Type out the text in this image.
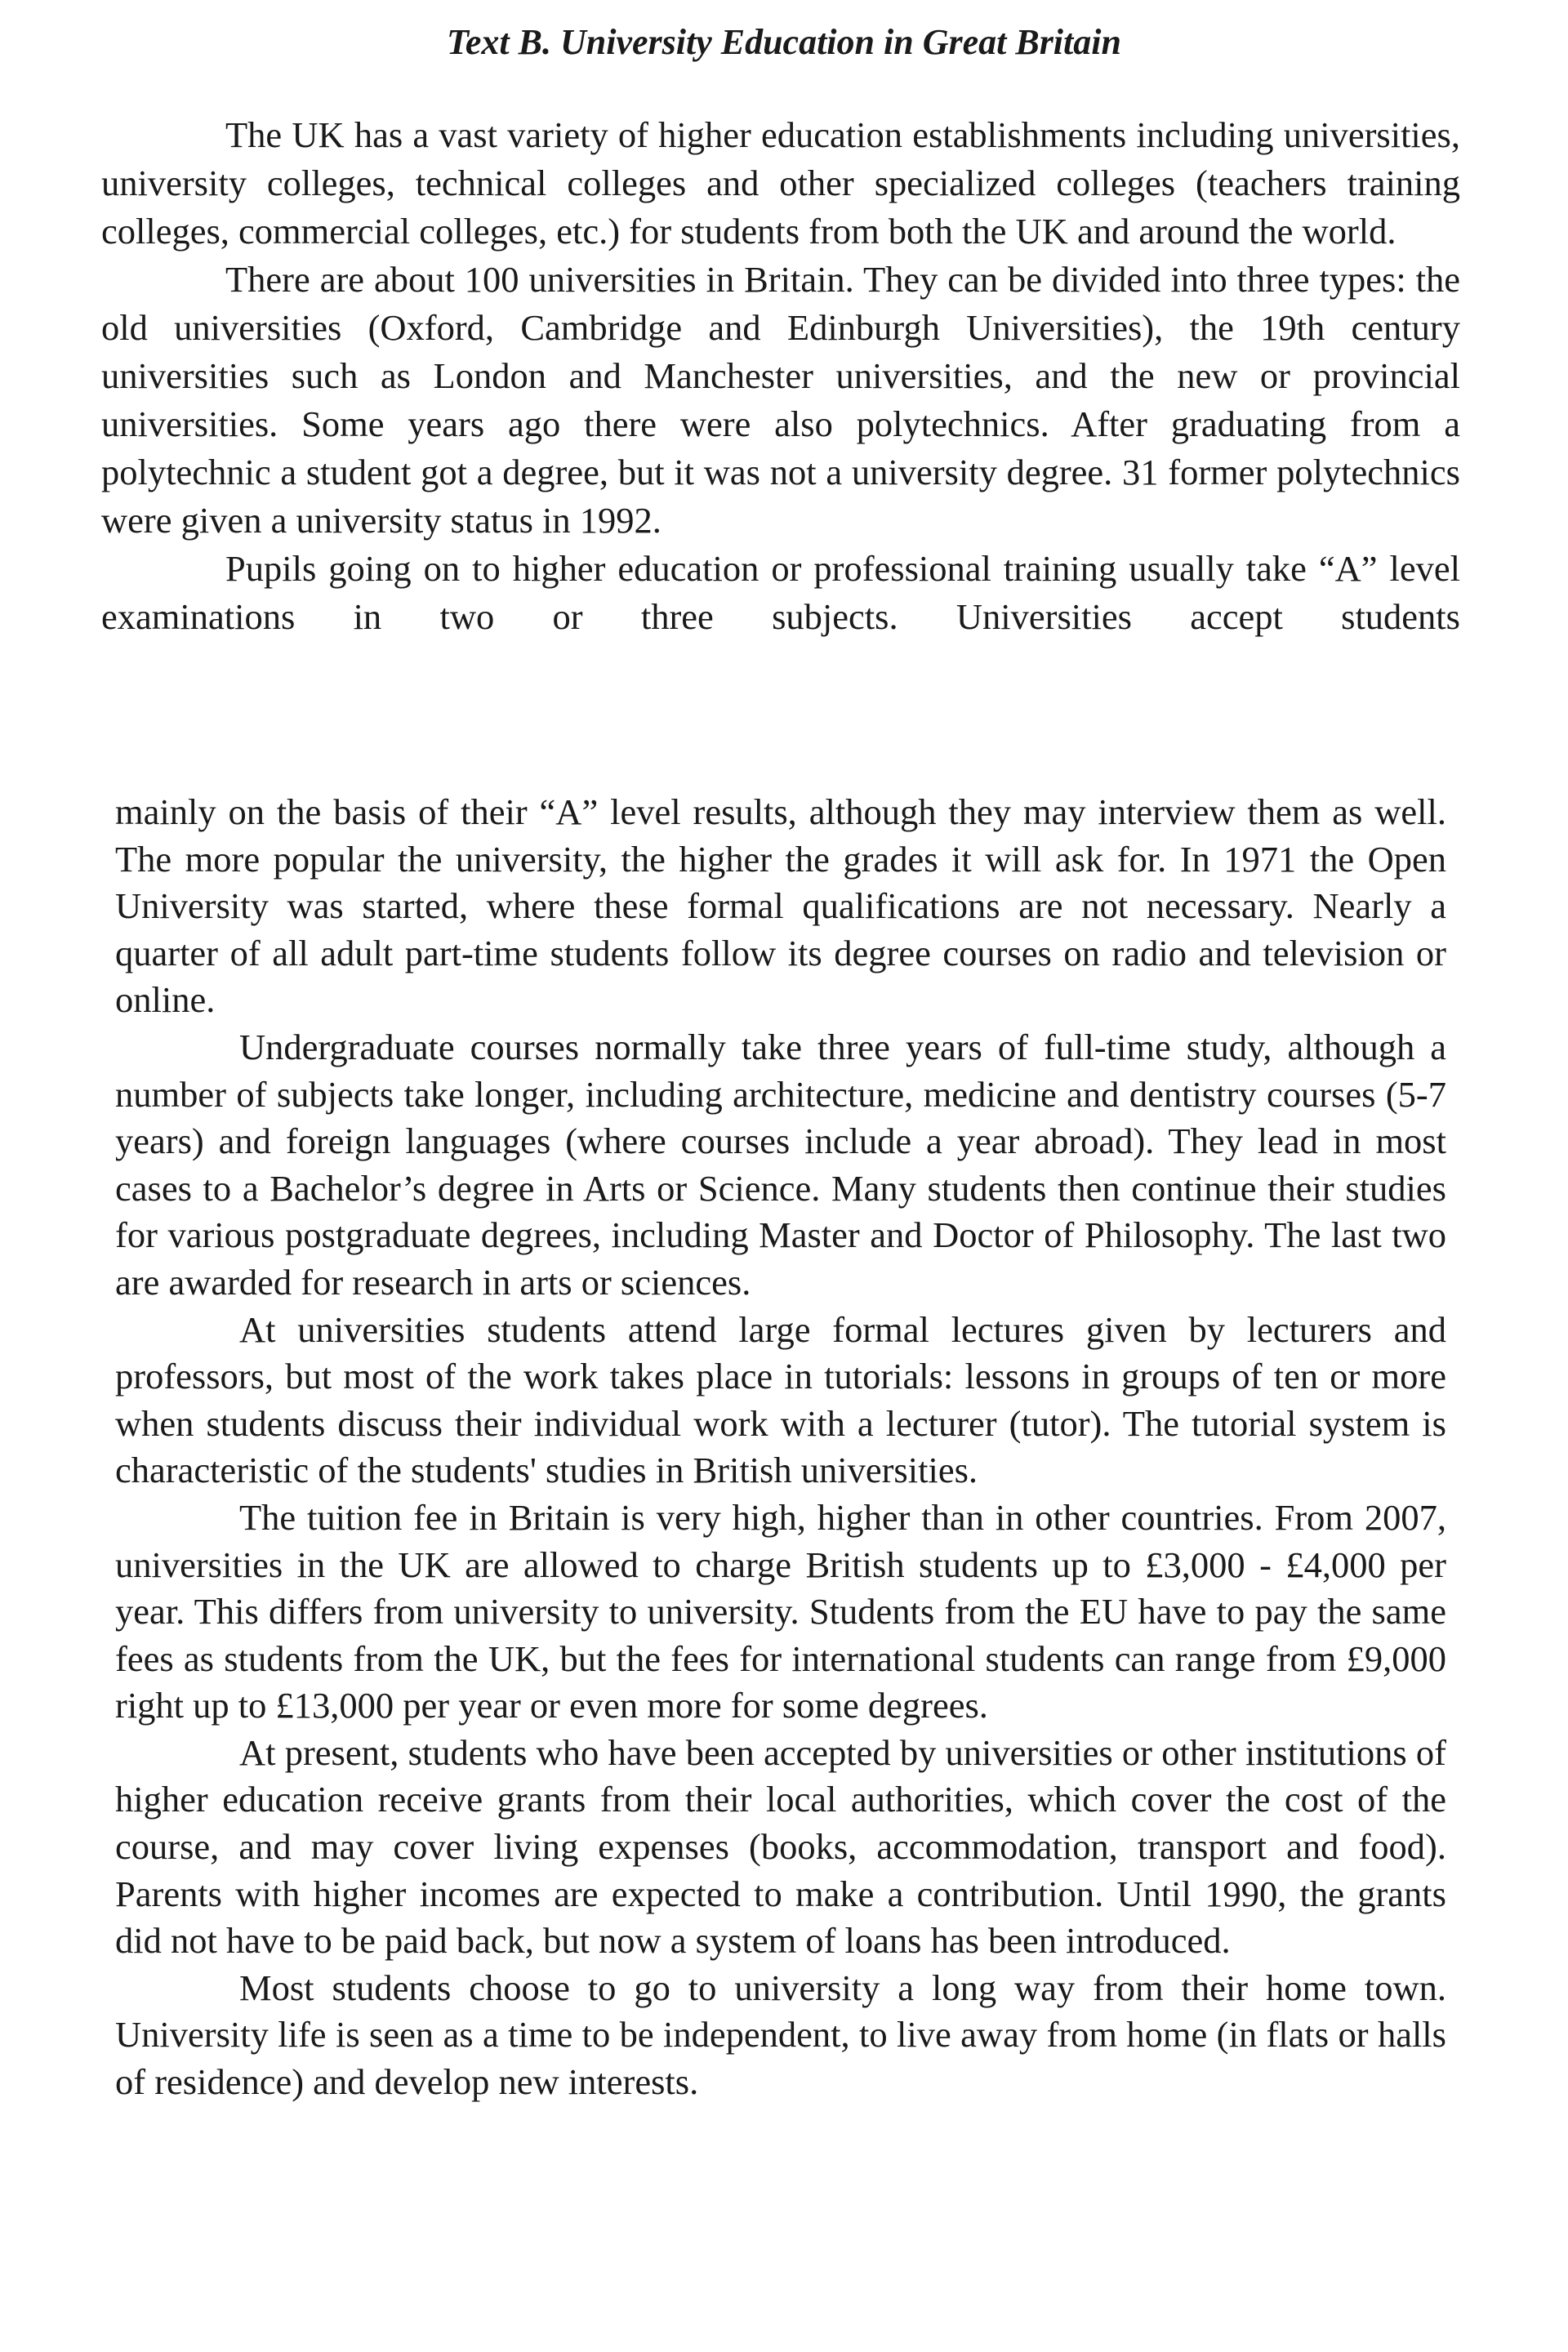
Text B. University Education in Great Britain

The UK has a vast variety of higher education establishments including universities, university colleges, technical colleges and other specialized colleges (teachers training colleges, commercial colleges, etc.) for students from both the UK and around the world.

There are about 100 universities in Britain. They can be divided into three types: the old universities (Oxford, Cambridge and Edinburgh Universities), the 19th century universities such as London and Manchester universities, and the new or provincial universities. Some years ago there were also polytechnics. After graduating from a polytechnic a student got a degree, but it was not a university degree. 31 former polytechnics were given a university status in 1992.

Pupils going on to higher education or professional training usually take “A” level examinations in two or three subjects. Universities accept students

mainly on the basis of their “A” level results, although they may interview them as well. The more popular the university, the higher the grades it will ask for. In 1971 the Open University was started, where these formal qualifications are not necessary. Nearly a quarter of all adult part-time students follow its degree courses on radio and television or online.

Undergraduate courses normally take three years of full-time study, although a number of subjects take longer, including architecture, medicine and dentistry courses (5-7 years) and foreign languages (where courses include a year abroad). They lead in most cases to a Bachelor’s degree in Arts or Science. Many students then continue their studies for various postgraduate degrees, including Master and Doctor of Philosophy. The last two are awarded for research in arts or sciences.

At universities students attend large formal lectures given by lecturers and professors, but most of the work takes place in tutorials: lessons in groups of ten or more when students discuss their individual work with a lecturer (tutor). The tutorial system is characteristic of the students' studies in British universities.

The tuition fee in Britain is very high, higher than in other countries. From 2007, universities in the UK are allowed to charge British students up to £3,000 - £4,000 per year. This differs from university to university. Students from the EU have to pay the same fees as students from the UK, but the fees for international students can range from £9,000 right up to £13,000 per year or even more for some degrees.

At present, students who have been accepted by universities or other institutions of higher education receive grants from their local authorities, which cover the cost of the course, and may cover living expenses (books, accommodation, transport and food). Parents with higher incomes are expected to make a contribution. Until 1990, the grants did not have to be paid back, but now a system of loans has been introduced.

Most students choose to go to university a long way from their home town. University life is seen as a time to be independent, to live away from home (in flats or halls of residence) and develop new interests.
